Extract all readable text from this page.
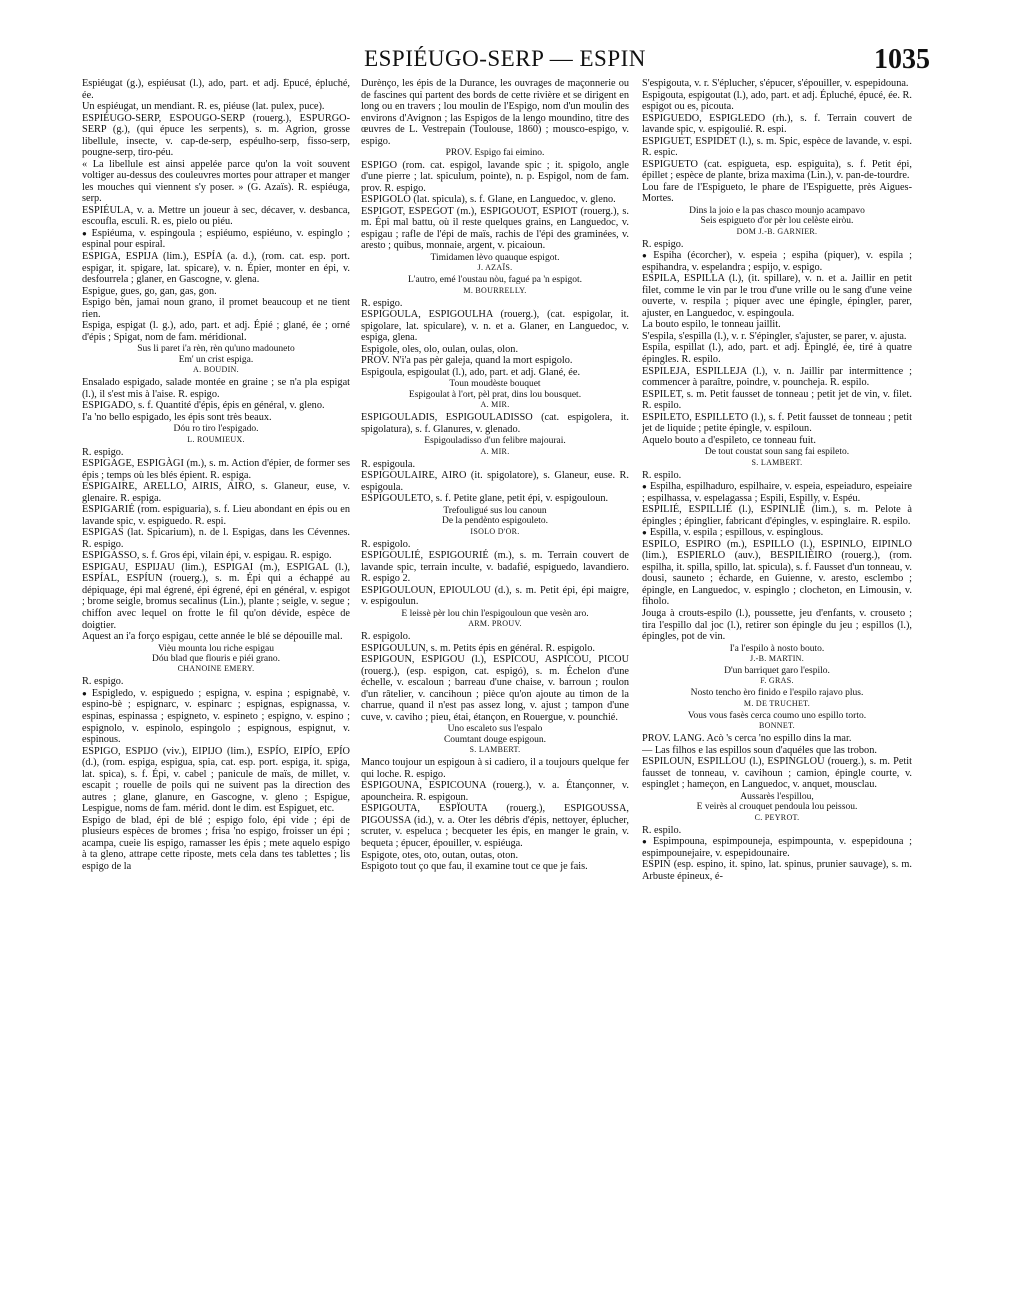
ESPIÉUGO-SERP — ESPIN	1035
Espiéugat (g.), espiéusat (l.), ado, part. et adj. Épucé, épluché, ée.
Un espiéugat, un mendiant. R. es, piéuse (lat. pulex, puce).
ESPIÉUGO-SERP, ESPOUGO-SERP (rouerg.), ESPURGO-SERP (g.), (qui épuce les serpents), s. m. Agrion, grosse libellule, insecte, v. cap-de-serp, espéulho-serp, fisso-serp, pougne-serp, tiro-péu.
« La libellule est ainsi appelée parce qu'on la voit souvent voltiger au-dessus des couleuvres mortes pour attraper et manger les mouches qui viennent s'y poser. » (G. Azaïs). R. espiéuga, serp.
ESPIÉULA, v. a. Mettre un joueur à sec, décaver, v. desbanca, escoufla, esculi. R. es, pielo ou piéu.
● Espiéuma, v. espingoula ; espiéumo, espiéuno, v. espinglo ; espinal pour espiral.
ESPIGA, ESPIJA (lim.), ESPÍA (a. d.), (rom. cat. esp. port. espigar, it. spigare, lat. spicare), v. n. Épier, monter en épi, v. desfourrela ; glaner, en Gascogne, v. glena.
Espigue, gues, go, gan, gas, gon.
Espigo bèn, jamai noun grano, il promet beaucoup et ne tient rien.
Espiga, espigat (l. g.), ado, part. et adj. Épié ; glané, ée ; orné d'épis ; Spigat, nom de fam. méridional.
Sus li paret i'a rèn, rèn qu'uno madouneto
Em' un crist espiga.
A. BOUDIN.
Ensalado espigado, salade montée en graine ; se n'a pla espigat (l.), il s'est mis à l'aise. R. espigo.
ESPIGADO, s. f. Quantité d'épis, épis en général, v. gleno.
I'a 'no bello espigado, les épis sont très beaux.
Dóu ro tiro l'espigado.
L. ROUMIEUX.
R. espigo.
ESPIGAGE, ESPIGÀGI (m.), s. m. Action d'épier, de former ses épis ; temps où les blés épient. R. espiga.
ESPIGAIRE, ARELLO, AIRIS, AIRO, s. Glaneur, euse, v. glenaire. R. espiga.
ESPIGARIÉ (rom. espiguaria), s. f. Lieu abondant en épis ou en lavande spic, v. espiguedo. R. espi.
ESPIGAS (lat. Spicarium), n. de l. Espigas, dans les Cévennes. R. espigo.
ESPIGASSO, s. f. Gros épi, vilain épi, v. espigau. R. espigo.
ESPIGAU, ESPIJAU (lim.), ESPIGAI (m.), ESPIGAL (l.), ESPÍAL, ESPÍUN (rouerg.), s. m. Épi qui a échappé au dépiquage, épi mal égrené, épi égrené, épi en général, v. espigot ; brome seigle, bromus secalinus (Lin.), plante ; seigle, v. segue ; chiffon avec lequel on frotte le fil qu'on dévide, espèce de doigtier.
Aquest an i'a forço espigau, cette année le blé se dépouille mal.
Vièu mounta lou riche espigau
Dóu blad que flouris e piéi grano.
CHANOINE EMERY.
R. espigo.
● Espigledo, v. espiguedo ; espigna, v. espina ; espignabè, v. espino-bè ; espignarc, v. espinarc ; espignas, espignassa, v. espinas, espinassa ; espigneto, v. espineto ; espigno, v. espino ; espignolo, v. espinolo, espingolo ; espignous, espignut, v. espinous.
ESPIGO, ESPIJO (viv.), EIPIJO (lim.), ESPÍO, EIPÍO, EPÍO (d.), (rom. espiga, espigua, spia, cat. esp. port. espiga, it. spiga, lat. spica), s. f. Épi, v. cabel ; panicule de maïs, de millet, v. escapit ; rouelle de poils qui ne suivent pas la direction des autres ; glane, glanure, en Gascogne, v. gleno ; Espigue, Lespigue, noms de fam. mérid. dont le dim. est Espiguet, etc.
Espigo de blad, épi de blé ; espigo folo, épi vide ; épi de plusieurs espèces de bromes ; frisa 'no espigo, froisser un épi ; acampa, cueie lis espigo, ramasser les épis ; mete aquelo espigo à ta gleno, attrape cette riposte, mets cela dans tes tablettes ; lis espigo de la
Durènço, les épis de la Durance, les ouvrages de maçonnerie ou de fascines qui partent des bords de cette rivière et se dirigent en long ou en travers ; lou moulin de l'Espigo, nom d'un moulin des environs d'Avignon ; las Espigos de la lengo moundino, titre des œuvres de L. Vestrepain (Toulouse, 1860) ; mousco-espigo, v. espigo.
PROV. Espigo fai eimino.
ESPIGO (rom. cat. espigol, lavande spic ; it. spigolo, angle d'une pierre ; lat. spiculum, pointe), n. p. Espigol, nom de fam. prov. R. espigo.
ESPIGOLO (lat. spicula), s. f. Glane, en Languedoc, v. gleno.
ESPIGOT, ESPEGOT (m.), ESPIGOUOT, ESPIOT (rouerg.), s. m. Épi mal battu, où il reste quelques grains, en Languedoc, v. espigau ; rafle de l'épi de maïs, rachis de l'épi des graminées, v. aresto ; quibus, monnaie, argent, v. picaioun.
Timidamen lèvo quauque espigot.
J. AZAÏS.
L'autro, emé l'oustau nòu, fagué pa 'n espigot.
M. BOURRELLY.
R. espigo.
ESPIGOULA, ESPIGOULHA (rouerg.), (cat. espigolar, it. spigolare, lat. spiculare), v. n. et a. Glaner, en Languedoc, v. espiga, glena.
Espigole, oles, olo, oulan, oulas, olon.
PROV. N'i'a pas pèr galeja, quand la mort espigolo.
Espigoula, espigoulat (l.), ado, part. et adj. Glané, ée.
Toun moudèste bouquet
Espigoulat à l'ort, pèl prat, dins lou bousquet.
A. MIR.
ESPIGOULADIS, ESPIGOULADISSO (cat. espigolera, it. spigolatura), s. f. Glanures, v. glenado.
Espigouladisso d'un felibre majourai.
A. MIR.
R. espigoula.
ESPIGOULAIRE, AIRO (it. spigolatore), s. Glaneur, euse. R. espigoula.
ESPIGOULETO, s. f. Petite glane, petit épi, v. espigouloun.
Trefouligué sus lou canoun
De la pendènto espigouleto.
ISOLO D'OR.
R. espigolo.
ESPIGOULIÉ, ESPIGOURIÉ (m.), s. m. Terrain couvert de lavande spic, terrain inculte, v. badafié, espiguedo, lavandiero. R. espigo 2.
ESPIGOULOUN, EPIOULOU (d.), s. m. Petit épi, épi maigre, v. espigoulun.
E leissè pèr lou chin l'espigouloun que vesèn aro.
ARM. PROUV.
R. espigolo.
ESPIGOULUN, s. m. Petits épis en général. R. espigolo.
ESPIGOUN, ESPIGOU (l.), ESPICOU, ASPICOU, PICOU (rouerg.), (esp. espigon, cat. espigó), s. m. Échelon d'une échelle, v. escaloun ; barreau d'une chaise, v. barroun ; roulon d'un râtelier, v. cancihoun ; pièce qu'on ajoute au timon de la charrue, quand il n'est pas assez long, v. ajust ; tampon d'une cuve, v. caviho ; pieu, étai, étançon, en Rouergue, v. pounchié.
Uno escaleto sus l'espalo
Coumtant douge espigoun.
S. LAMBERT.
Manco toujour un espigoun à si cadiero, il a toujours quelque fer qui loche. R. espigo.
ESPIGOUNA, ESPICOUNA (rouerg.), v. a. Étançonner, v. apouncheira. R. espigoun.
ESPIGOUTA, ESPÏOUTA (rouerg.), ESPIGOUSSA, PIGOUSSA (id.), v. a. Oter les débris d'épis, nettoyer, éplucher, scruter, v. espeluca ; becqueter les épis, en manger le grain, v. bequeta ; épucer, épouiller, v. espiéuga.
Espigote, otes, oto, outan, outas, oton.
Espigoto tout ço que fau, il examine tout ce que je fais.
S'espigouta, v. r. S'éplucher, s'épucer, s'épouiller, v. espepidouna.
Espigouta, espigoutat (l.), ado, part. et adj. Épluché, épucé, ée. R. espigot ou es, picouta.
ESPIGUEDO, ESPIGLEDO (rh.), s. f. Terrain couvert de lavande spic, v. espigoulié. R. espi.
ESPIGUET, ESPIDET (l.), s. m. Spic, espèce de lavande, v. espi. R. espic.
ESPIGUETO (cat. espigueta, esp. espiguita), s. f. Petit épi, épillet ; espèce de plante, briza maxima (Lin.), v. pan-de-tourdre.
Lou fare de l'Espigueto, le phare de l'Espiguette, près Aigues-Mortes.
Dins la joio e la pas chasco mounjo acampavo
Seis espigueto d'or pèr lou celèste eiròu.
DOM J.-B. GARNIER.
R. espigo.
● Espiha (écorcher), v. espeia ; espiha (piquer), v. espila ; espihandra, v. espelandra ; espijo, v. espigo.
ESPILA, ESPILLA (l.), (it. spillare), v. n. et a. Jaillir en petit filet, comme le vin par le trou d'une vrille ou le sang d'une veine ouverte, v. respila ; piquer avec une épingle, épingler, parer, ajuster, en Languedoc, v. espingoula.
La bouto espilo, le tonneau jaillit.
S'espila, s'espilla (l.), v. r. S'épingler, s'ajuster, se parer, v. ajusta.
Espila, espillat (l.), ado, part. et adj. Épinglé, ée, tiré à quatre épingles. R. espilo.
ESPILEJA, ESPILLEJA (l.), v. n. Jaillir par intermittence ; commencer à paraître, poindre, v. pouncheja. R. espilo.
ESPILET, s. m. Petit fausset de tonneau ; petit jet de vin, v. filet. R. espilo.
ESPILETO, ESPILLETO (l.), s. f. Petit fausset de tonneau ; petit jet de liquide ; petite épingle, v. espiloun.
Aquelo bouto a d'espileto, ce tonneau fuit.
De tout coustat soun sang fai espileto.
S. LAMBERT.
R. espilo.
● Espilha, espilhaduro, espilhaire, v. espeia, espeiaduro, espeiaire ; espilhassa, v. espelagassa ; Espili, Espilly, v. Espéu.
ESPILIÉ, ESPILLIÉ (l.), ESPINLIÉ (lim.), s. m. Pelote à épingles ; épinglier, fabricant d'épingles, v. espinglaire. R. espilo.
● Espilla, v. espila ; espillous, v. espinglous.
ESPILO, ESPIRO (m.), ESPILLO (l.), ESPINLO, EIPINLO (lim.), ESPIERLO (auv.), BESPILIÈIRO (rouerg.), (rom. espilha, it. spilla, spillo, lat. spicula), s. f. Fausset d'un tonneau, v. dousi, sauneto ; écharde, en Guienne, v. aresto, esclembo ; épingle, en Languedoc, v. espinglo ; clocheton, en Limousin, v. fiholo.
Jouga à crouts-espilo (l.), poussette, jeu d'enfants, v. crouseto ; tira l'espillo dal joc (l.), retirer son épingle du jeu ; espillos (l.), épingles, pot de vin.
I'a l'espilo à nosto bouto.
J.-B. MARTIN.
D'un barriquet garo l'espilo.
F. GRAS.
Nosto tencho èro finido e l'espilo rajavo plus.
M. DE TRUCHET.
Vous vous fasès cerca coumo uno espillo torto.
BONNET.
PROV. LANG. Acò 's cerca 'no espillo dins la mar.
— Las filhos e las espillos soun d'aquéles que las trobon.
ESPILOUN, ESPILLOU (l.), ESPINGLOU (rouerg.), s. m. Petit fausset de tonneau, v. cavihoun ; camion, épingle courte, v. espinglet ; hameçon, en Languedoc, v. anquet, mousclau.
Aussarès l'espillou,
E veirès al crouquet pendoula lou peissou.
C. PEYROT.
R. espilo.
● Espimpouna, espimpouneja, espimpounta, v. espepidouna ; espimpounejaire, v. espepidounaire.
ESPIN (esp. espino, it. spino, lat. spinus, prunier sauvage), s. m. Arbuste épineux, é-
